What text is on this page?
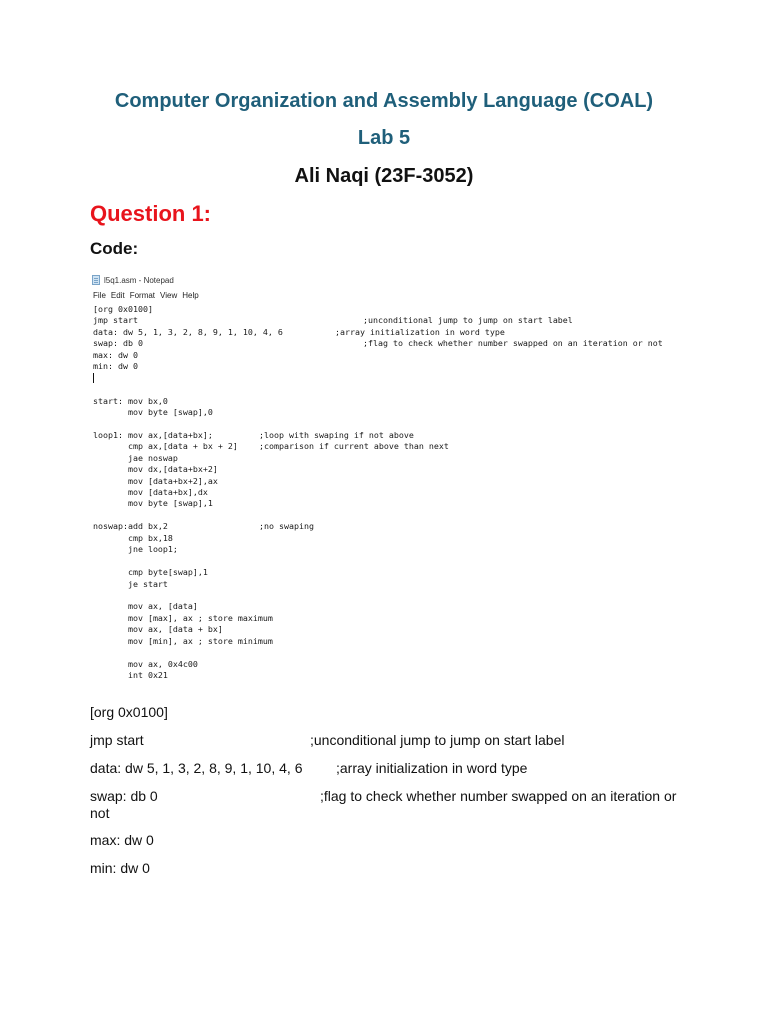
Computer Organization and Assembly Language (COAL)
Lab 5
Ali Naqi (23F-3052)
Question 1:
Code:
l5q1.asm - Notepad
File Edit Format View Help
[org 0x0100]
jmp start	;unconditional jump to jump on start label
data: dw 5, 1, 3, 2, 8, 9, 1, 10, 4, 6	;array initialization in word type
swap: db 0	;flag to check whether number swapped on an iteration or not
max: dw 0
min: dw 0
start: mov bx,0
mov byte [swap],0
loop1: mov ax,[data+bx];	;loop with swaping if not above
cmp ax,[data + bx + 2]	;comparison if current above than next
jae noswap
mov dx,[data+bx+2]
mov [data+bx+2],ax
mov [data+bx],dx
mov byte [swap],1
noswap:add bx,2	;no swaping
cmp bx,18
jne loop1;
cmp byte[swap],1
je start
mov ax, [data]
mov [max], ax ; store maximum
mov ax, [data + bx]
mov [min], ax ; store minimum
mov ax, 0x4c00
int 0x21
[org 0x0100]

jmp start	;unconditional jump to jump on start label
data: dw 5, 1, 3, 2, 8, 9, 1, 10, 4, 6	;array initialization in word type
swap: db 0	;flag to check whether number swapped on an iteration or not
max: dw 0

min: dw 0
